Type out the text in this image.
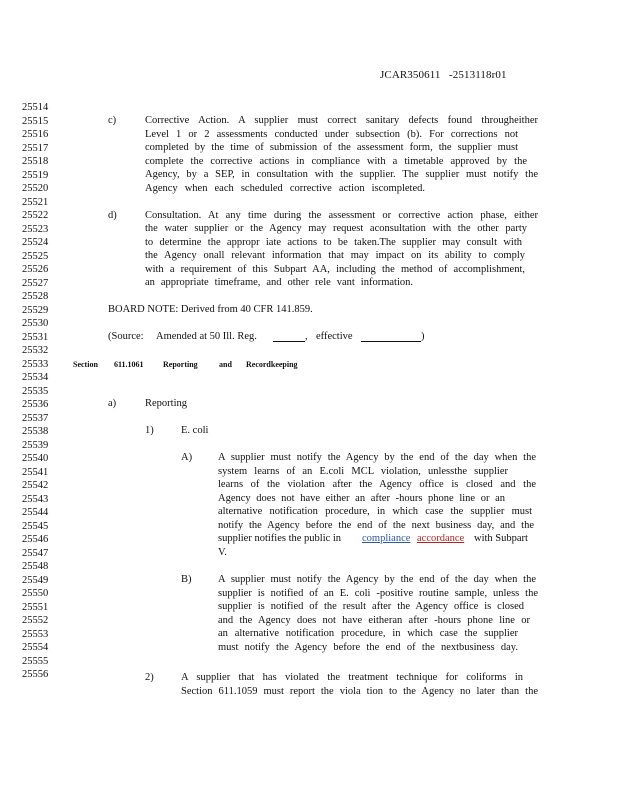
JCAR350611   -2513118r01
25514
25515
25516
25517
25518
25519
25520
25521
25522
25523
25524
25525
25526
25527
25528
25529
25530
25531
25532
25533
25534
25535
25536
25537
25538
25539
25540
25541
25542
25543
25544
25545
25546
25547
25548
25549
25550
25551
25552
25553
25554
25555
25556
c)	Corrective Action. A supplier must correct sanitary defects found througheither
Level 1 or 2 assessments conducted under subsection (b). For corrections not
completed by the time of submission of the assessment form, the supplier must
complete the corrective actions in compliance with a timetable approved by the
Agency, by a SEP, in consultation with the supplier. The supplier must notify the
Agency when each scheduled corrective action iscompleted.
d)	Consultation. At any time during the assessment or corrective action phase, either
the water supplier or the Agency may request aconsultation with the other party
to determine the appropr iate actions to be taken.The supplier may consult with
the Agency onall relevant information that may impact on its ability to comply
with a requirement of this Subpart AA, including the method of accomplishment,
an appropriate timeframe, and other rele vant information.
BOARD NOTE: Derived from 40 CFR 141.859.
(Source: Amended at 50 Ill. Reg.	, effective	)
Section 611.1061 Reporting	and Recordkeeping
a)	Reporting
1)	E. coli
A) A supplier must notify the Agency by the end of the day when the
system learns of an E.coli MCL violation, unlessthe supplier
learns of the violation after the Agency office is closed and the
Agency does not have either an after -hours phone line or an
alternative notification procedure, in which case the supplier must
notify the Agency before the end of the next business day, and the
supplier notifies the public in compliance accordance with Subpart
V.
B)	A supplier must notify the Agency by the end of the day when the
supplier is notified of an E. coli -positive routine sample, unless the
supplier is notified of the result after the Agency office is closed
and the Agency does not have eitheran after -hours phone line or
an alternative notification procedure, in which case the supplier
must notify the Agency before the end of the nextbusiness day.
2)	A supplier that has violated the treatment technique for coliforms in
Section 611.1059 must report the viola tion to the Agency no later than the
